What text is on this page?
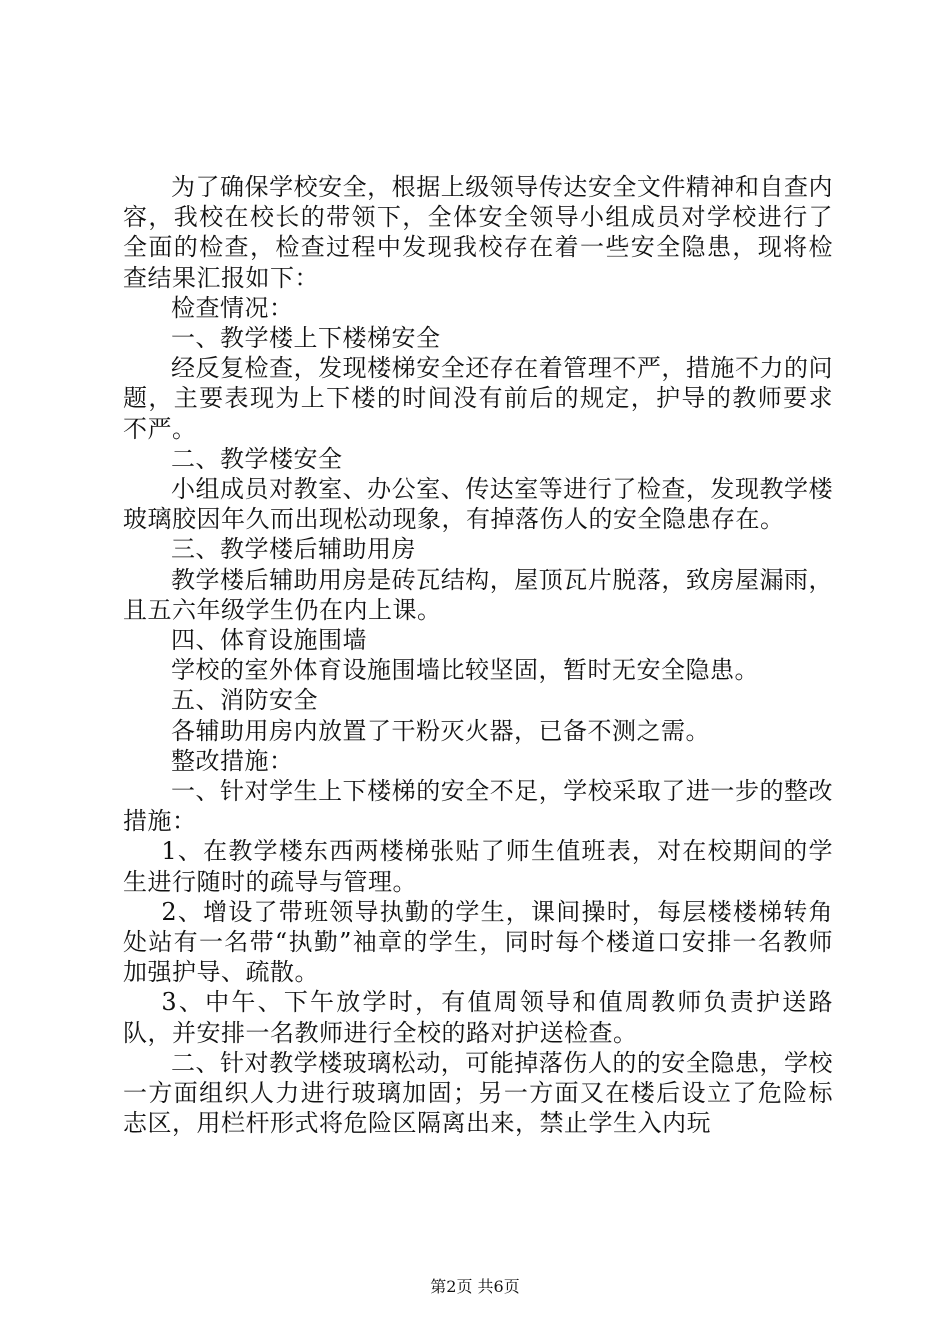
为了确保学校安全，根据上级领导传达安全文件精神和自查内容，我校在校长的带领下，全体安全领导小组成员对学校进行了全面的检查，检查过程中发现我校存在着一些安全隐患，现将检查结果汇报如下：

检查情况：

一、教学楼上下楼梯安全

经反复检查，发现楼梯安全还存在着管理不严，措施不力的问题，主要表现为上下楼的时间没有前后的规定，护导的教师要求不严。

二、教学楼安全

小组成员对教室、办公室、传达室等进行了检查，发现教学楼玻璃胶因年久而出现松动现象，有掉落伤人的安全隐患存在。

三、教学楼后辅助用房

教学楼后辅助用房是砖瓦结构，屋顶瓦片脱落，致房屋漏雨，且五六年级学生仍在内上课。

四、体育设施围墙

学校的室外体育设施围墙比较坚固，暂时无安全隐患。

五、消防安全

各辅助用房内放置了干粉灭火器，已备不测之需。

整改措施：

一、针对学生上下楼梯的安全不足，学校采取了进一步的整改措施：

1、在教学楼东西两楼梯张贴了师生值班表，对在校期间的学生进行随时的疏导与管理。

2、增设了带班领导执勤的学生，课间操时，每层楼楼梯转角处站有一名带“执勤”袖章的学生，同时每个楼道口安排一名教师加强护导、疏散。

3、中午、下午放学时，有值周领导和值周教师负责护送路队，并安排一名教师进行全校的路对护送检查。

二、针对教学楼玻璃松动，可能掉落伤人的的安全隐患，学校一方面组织人力进行玻璃加固；另一方面又在楼后设立了危险标志区，用栏杆形式将危险区隔离出来，禁止学生入内玩

第2页 共6页
